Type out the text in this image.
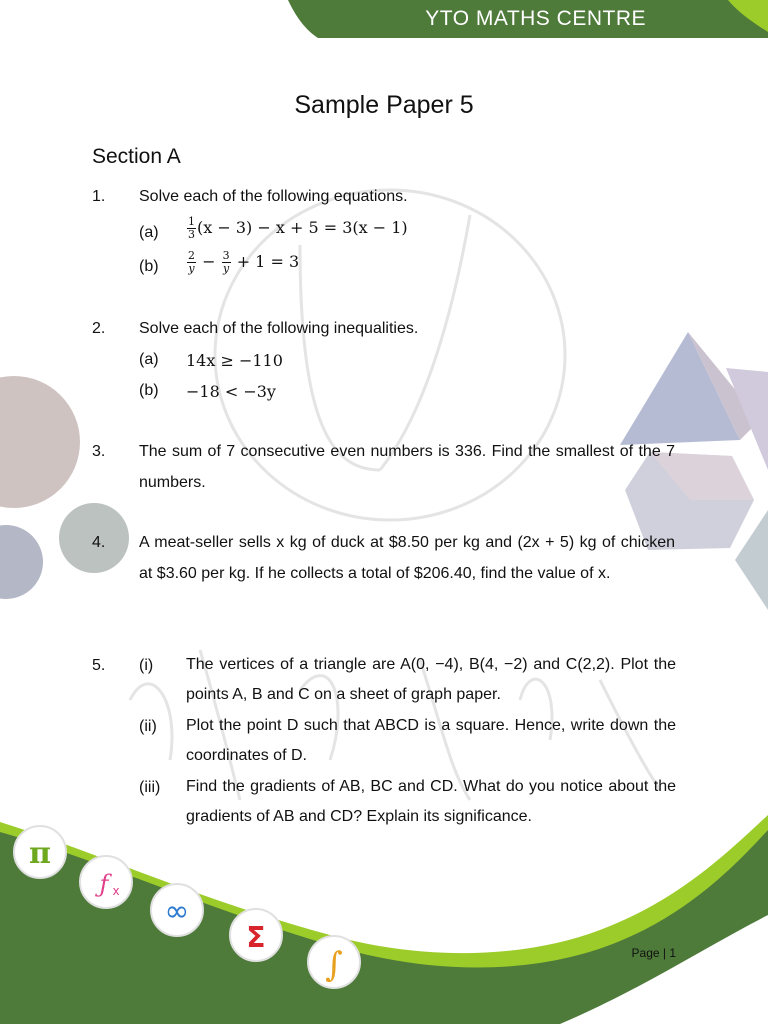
π
ƒ x
∞
Σ
∫
YTO MATHS CENTRE
Sample Paper 5
Section A
1. Solve each of the following equations.
(a)	$\frac{1}{3} (x - 3) - x + 5 = 3(x - 1)$
(b)	$\frac{2}{y} - \frac{3}{y} + 1 = 3$
2. Solve each of the following inequalities.
(a) 14x ≥ −110
(b) −18 < −3y
3. The sum of 7 consecutive even numbers is 336. Find the smallest of the 7 numbers.
4. A meat-seller sells x kg of duck at $8.50 per kg and (2x + 5) kg of chicken at $3.60 per kg. If he collects a total of $206.40, find the value of x.
5. (i) The vertices of a triangle are A(0, −4), B(4, −2) and C(2,2). Plot the points A, B and C on a sheet of graph paper.
(ii) Plot the point D such that ABCD is a square. Hence, write down the coordinates of D.
(iii) Find the gradients of AB, BC and CD. What do you notice about the gradients of AB and CD? Explain its significance.
Page | 1
